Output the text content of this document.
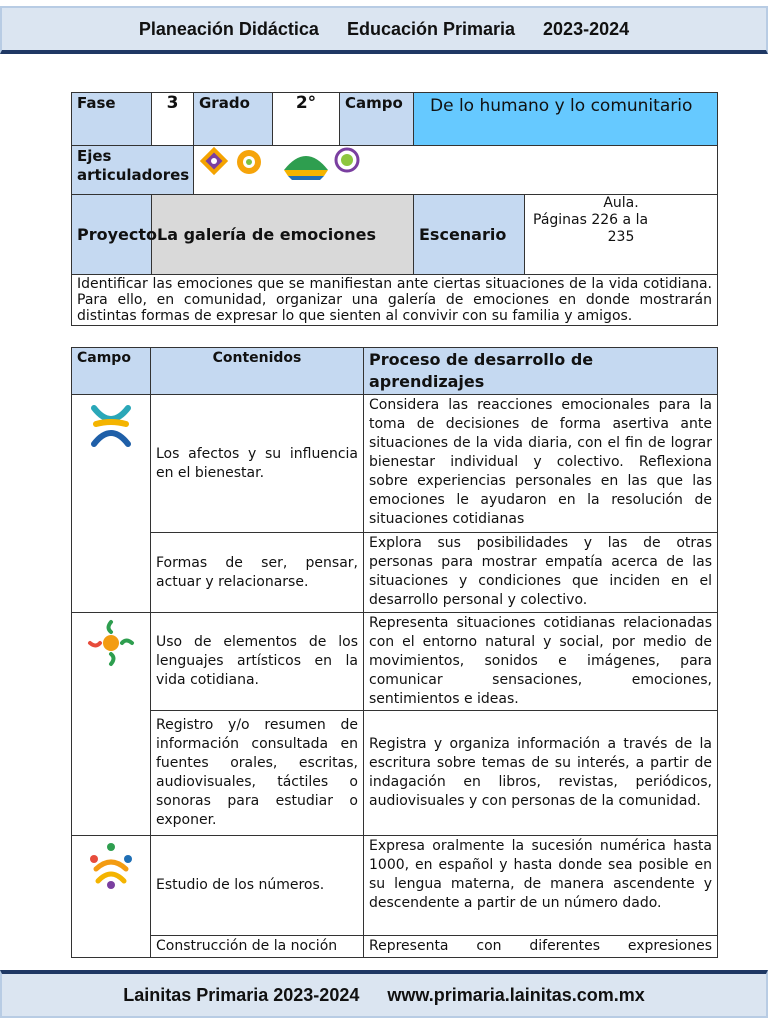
Planeación Didáctica Educación Primaria 2023-2024
Fase	3	Grado	2°	Campo	De lo humano y lo comunitario	
Ejes articuladores	
Proyecto	La galería de emociones				Escenario	Aula.
Páginas 226 a la
235

Identificar las emociones que se manifiestan ante ciertas situaciones de la vida cotidiana. Para ello, en comunidad, organizar una galería de emociones en donde mostrarán distintas formas de expresar lo que sienten al convivir con su familia y amigos.						
Campo	Contenidos	Proceso de desarrollo de aprendizajes

	Los afectos y su influencia en el bienestar.	Considera las reacciones emocionales para la toma de decisiones de forma asertiva ante situaciones de la vida diaria, con el fin de lograr bienestar individual y colectivo. Reflexiona sobre experiencias personales en las que las emociones le ayudaron en la resolución de situaciones cotidianas
	Formas de ser, pensar, actuar y relacionarse.	Explora sus posibilidades y las de otras personas para mostrar empatía acerca de las situaciones y condiciones que inciden en el desarrollo personal y colectivo.

	Uso de elementos de los lenguajes artísticos en la vida cotidiana.	Representa situaciones cotidianas relacionadas con el entorno natural y social, por medio de movimientos, sonidos e imágenes, para comunicar sensaciones, emociones, sentimientos e ideas.
	Registro y/o resumen de información consultada en fuentes orales, escritas, audiovisuales, táctiles o sonoras para estudiar o exponer.	Registra y organiza información a través de la escritura sobre temas de su interés, a partir de indagación en libros, revistas, periódicos, audiovisuales y con personas de la comunidad.

	Estudio de los números.	Expresa oralmente la sucesión numérica hasta 1000, en español y hasta donde sea posible en su lengua materna, de manera ascendente y descendente a partir de un número dado.
	Construcción de la noción	Representa con diferentes expresiones
Lainitas Primaria 2023-2024 www.primaria.lainitas.com.mx
